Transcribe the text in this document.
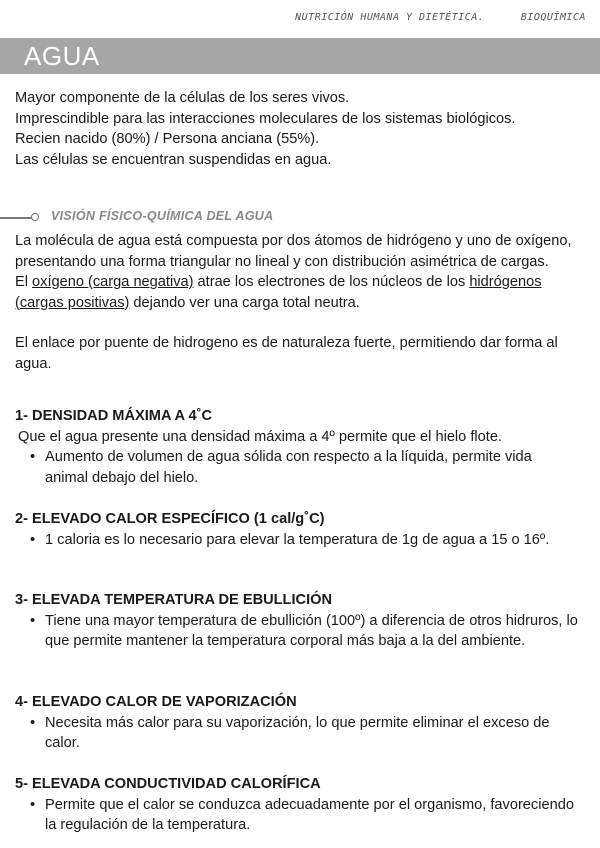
NUTRICIÓN HUMANA Y DIETÉTICA.	BIOQUÍMICA
AGUA

Mayor componente de la células de los seres vivos.

Imprescindible para las interacciones moleculares de los sistemas biológicos.

Recien nacido (80%) / Persona anciana (55%).

Las células se encuentran suspendidas en agua.

VISIÓN FÍSICO-QUÍMICA DEL AGUA

La molécula de agua está compuesta por dos átomos de hidrógeno y uno de oxígeno, presentando una forma triangular no lineal y con distribución asimétrica de cargas.

El oxígeno (carga negativa) atrae los electrones de los núcleos de los hidrógenos (cargas positivas) dejando ver una carga total neutra.

El enlace por puente de hidrogeno es de naturaleza fuerte, permitiendo dar forma al agua.

1- DENSIDAD MÁXIMA A 4˚C

Que el agua presente una densidad máxima a 4º permite que el hielo flote.

• Aumento de volumen de agua sólida con respecto a la líquida, permite vida animal debajo del hielo.
2- ELEVADO CALOR ESPECÍFICO (1 cal/g˚C)
• 1 caloria es lo necesario para elevar la temperatura de 1g de agua a 15 o 16º.
3- ELEVADA TEMPERATURA DE EBULLICIÓN
• Tiene una mayor temperatura de ebullición (100º) a diferencia de otros hidruros, lo que permite mantener la temperatura corporal más baja a la del ambiente.
4- ELEVADO CALOR DE VAPORIZACIÓN
• Necesita más calor para su vaporización, lo que permite eliminar el exceso de calor.
5- ELEVADA CONDUCTIVIDAD CALORÍFICA
• Permite que el calor se conduzca adecuadamente por el organismo, favoreciendo la regulación de la temperatura.
